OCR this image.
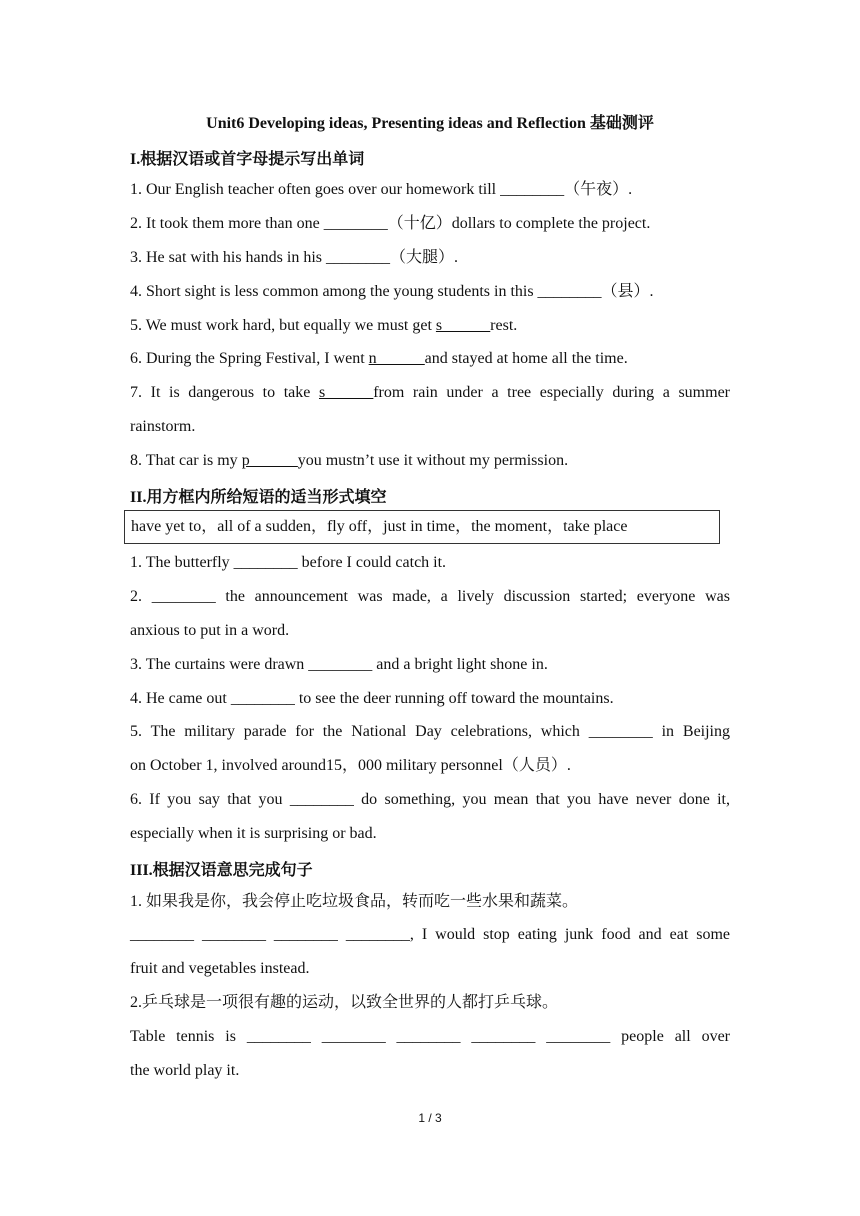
Unit6 Developing ideas, Presenting ideas and Reflection 基础测评
I.根据汉语或首字母提示写出单词
1. Our English teacher often goes over our homework till ________（午夜）.
2. It took them more than one ________（十亿）dollars to complete the project.
3. He sat with his hands in his ________（大腿）.
4. Short sight is less common among the young students in this ________（县）.
5. We must work hard, but equally we must get s______rest.
6. During the Spring Festival, I went n______and stayed at home all the time.
7. It is dangerous to take s______from rain under a tree especially during a summer
rainstorm.
8. That car is my p______you mustn’t use it without my permission.
II.用方框内所给短语的适当形式填空
have yet to，all of a sudden，fly off，just in time，the moment，take place
1. The butterfly ________ before I could catch it.
2. ________ the announcement was made, a lively discussion started; everyone was
anxious to put in a word.
3. The curtains were drawn ________ and a bright light shone in.
4. He came out ________ to see the deer running off toward the mountains.
5. The military parade for the National Day celebrations, which ________ in Beijing
on October 1, involved around15，000 military personnel（人员）.
6. If you say that you ________ do something, you mean that you have never done it,
especially when it is surprising or bad.
III.根据汉语意思完成句子
1. 如果我是你，我会停止吃垃圾食品，转而吃一些水果和蔬菜。
________ ________ ________ ________, I would stop eating junk food and eat some
fruit and vegetables instead.
2.乒乓球是一项很有趣的运动，以致全世界的人都打乒乓球。
Table tennis is ________ ________ ________ ________ ________ people all over
the world play it.
1 / 3
